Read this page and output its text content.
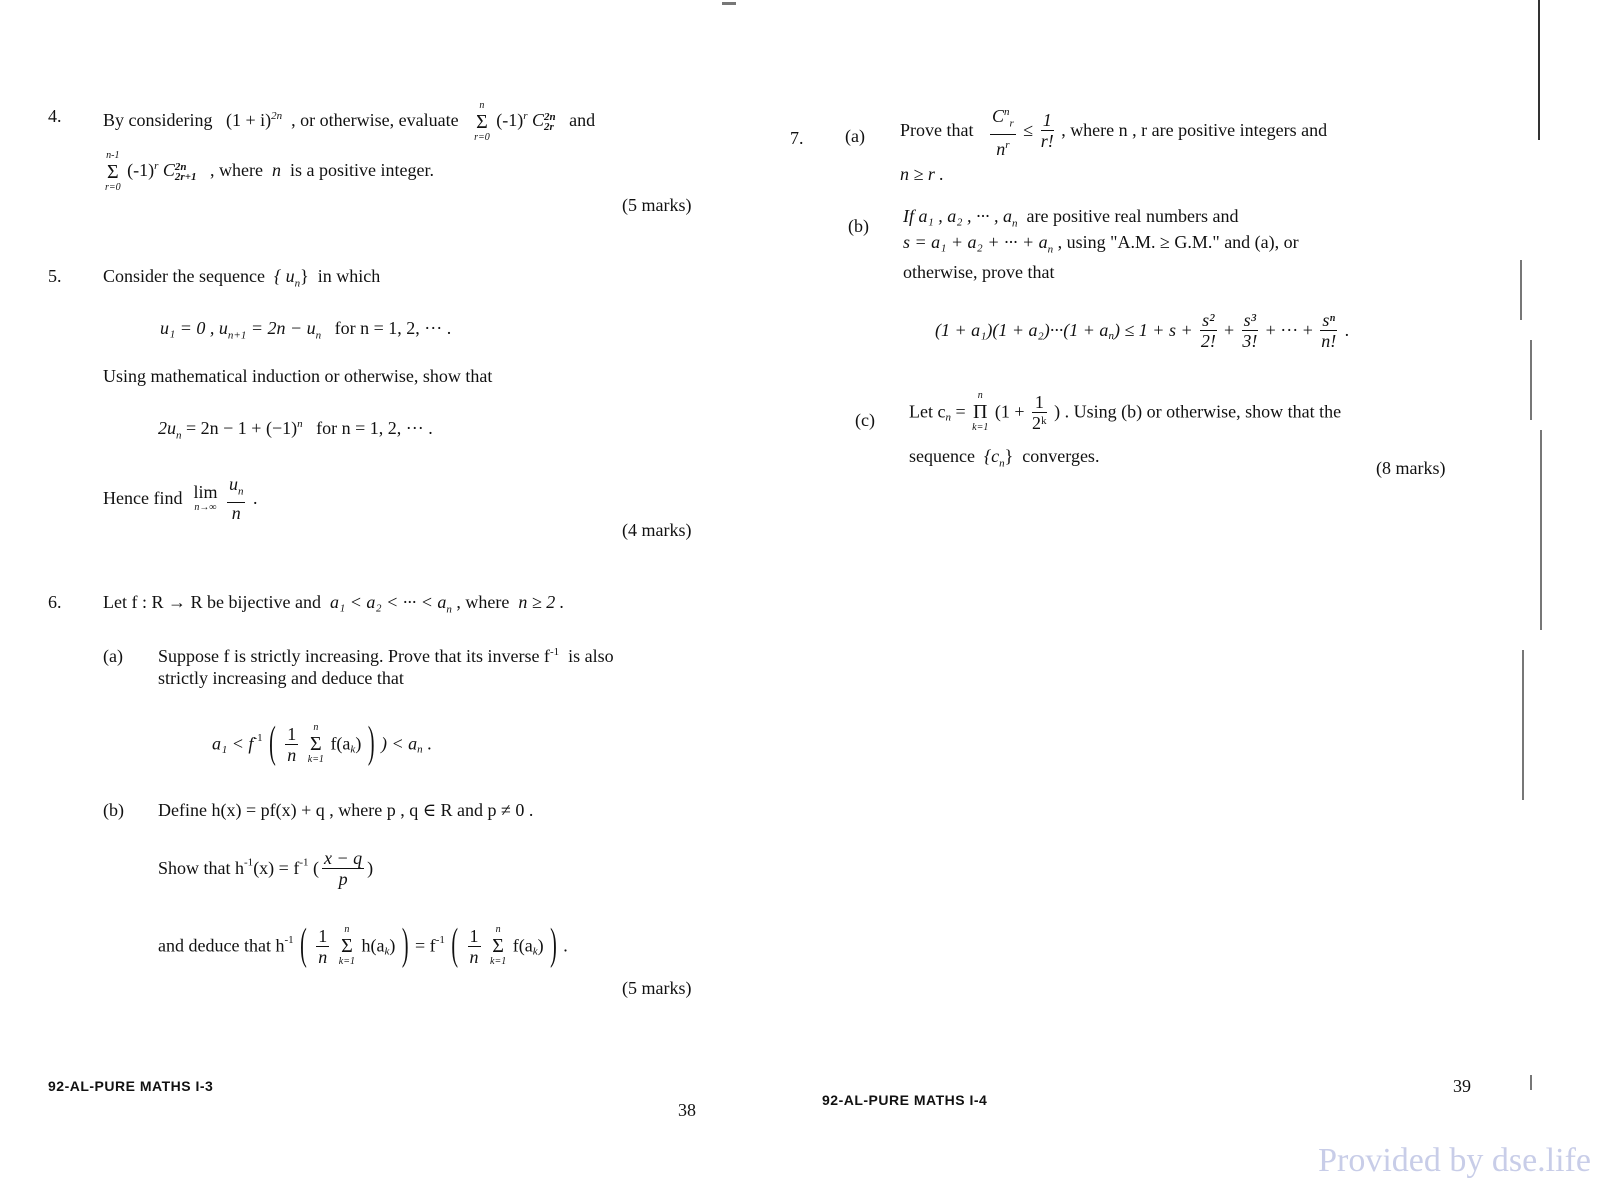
4. By considering $(1 + i)^{2n}$ , or otherwise, evaluate
n
Σ
r=0
$(-1)^r$ C 2n
2r and
n-1
Σ
r=0
$(-1)^r$ C 2n
2r+1 , where n is a positive integer.
(5 marks)
5. Consider the sequence { $u_n$} in which
u₁ = 0 , $u_{n+1} = 2n - u_n$ for n = 1, 2, ··· .
Using mathematical induction or otherwise, show that
$2u_n = 2n - 1 + (-1)^n$ for n = 1, 2, ··· .
Hence find lim
n→∞
$\frac{u_n}{n}$ .
(4 marks)
6. Let f : R → R be bijective and a₁ < a₂ < ··· < $a_n$ , where n ≥ 2 .
(a) Suppose f is strictly increasing. Prove that its inverse $f^{-1}$ is also
strictly increasing and deduce that
$a_1 < f^{-1}$ ( $\frac{1}{n}$
	n
Σ
k=1
$f(a_k)$ ) ) < $a_n$ .
(b) Define h(x) = pf(x) + q , where p , q ∈ R and p ≠ 0 .
Show that $h^{-1}(x) = f^{-1}$ ( $\frac{x - q}{p}$ )
and deduce that $h^{-1}$ ( $\frac{1}{n}$
	n
Σ
k=1
$h(a_k)$ ) = $f^{-1}$ ( $\frac{1}{n}$
	n
Σ
k=1
$f(a_k)$ ) .
(5 marks)
92-AL-PURE MATHS I-3
38
7. (a) Prove that $\frac{C^n_r}{n^r} \le \frac{1}{r!}$ , where n , r are positive integers and
n ≥ r .
(b) If a₁ , a₂ , ··· , $a_n$ are positive real numbers and
s = a₁ + a₂ + ··· + $a_n$ , using "A.M. ≥ G.M." and (a), or
otherwise, prove that
$(1 + a_1)(1 + a_2)\cdot\cdot\cdot(1 + a_n) \le 1 + s + \frac{\text{s²}}{2!} + \frac{\text{s³}}{3!}$ + ··· + $\frac{\text{sⁿ}}{n!}$ .
(c) Let $c_n$ =
n
Π
k=1
($1 + \frac{1}{\text{2ᵏ}}$ ) . Using (b) or otherwise, show that the
sequence $\{c_n\}$ converges.
(8 marks)
92-AL-PURE MATHS I-4
39
Provided by dse.life
